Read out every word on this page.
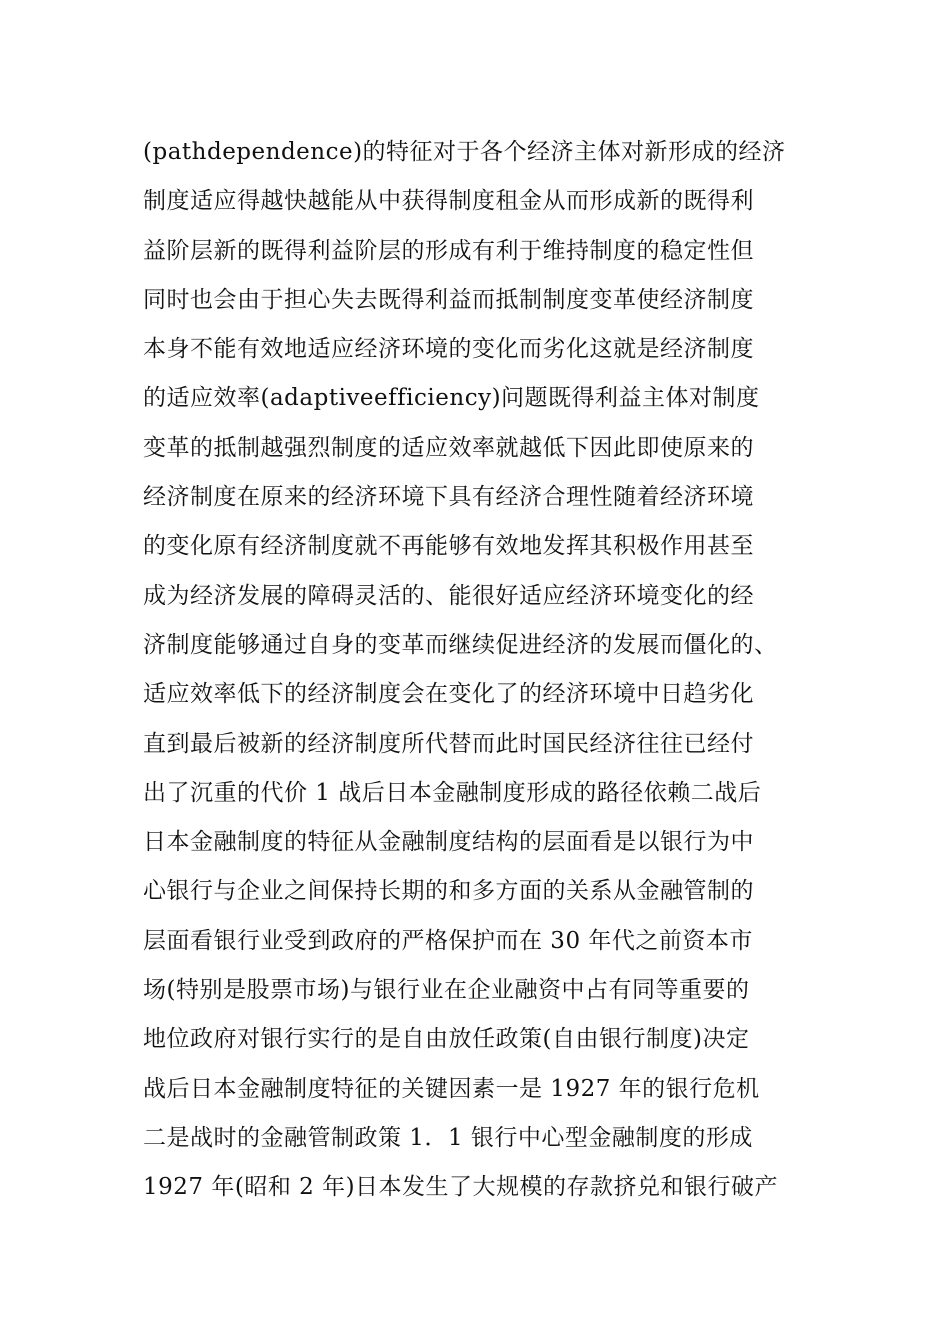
(pathdependence)的特征对于各个经济主体对新形成的经济
制度适应得越快越能从中获得制度租金从而形成新的既得利
益阶层新的既得利益阶层的形成有利于维持制度的稳定性但
同时也会由于担心失去既得利益而抵制制度变革使经济制度
本身不能有效地适应经济环境的变化而劣化这就是经济制度
的适应效率(adaptiveefficiency)问题既得利益主体对制度
变革的抵制越强烈制度的适应效率就越低下因此即使原来的
经济制度在原来的经济环境下具有经济合理性随着经济环境
的变化原有经济制度就不再能够有效地发挥其积极作用甚至
成为经济发展的障碍灵活的、能很好适应经济环境变化的经
济制度能够通过自身的变革而继续促进经济的发展而僵化的、
适应效率低下的经济制度会在变化了的经济环境中日趋劣化
直到最后被新的经济制度所代替而此时国民经济往往已经付
出了沉重的代价 1 战后日本金融制度形成的路径依赖二战后
日本金融制度的特征从金融制度结构的层面看是以银行为中
心银行与企业之间保持长期的和多方面的关系从金融管制的
层面看银行业受到政府的严格保护而在 30 年代之前资本市
场(特别是股票市场)与银行业在企业融资中占有同等重要的
地位政府对银行实行的是自由放任政策(自由银行制度)决定
战后日本金融制度特征的关键因素一是 1927 年的银行危机
二是战时的金融管制政策 1．1 银行中心型金融制度的形成
1927 年(昭和 2 年)日本发生了大规模的存款挤兑和银行破产
